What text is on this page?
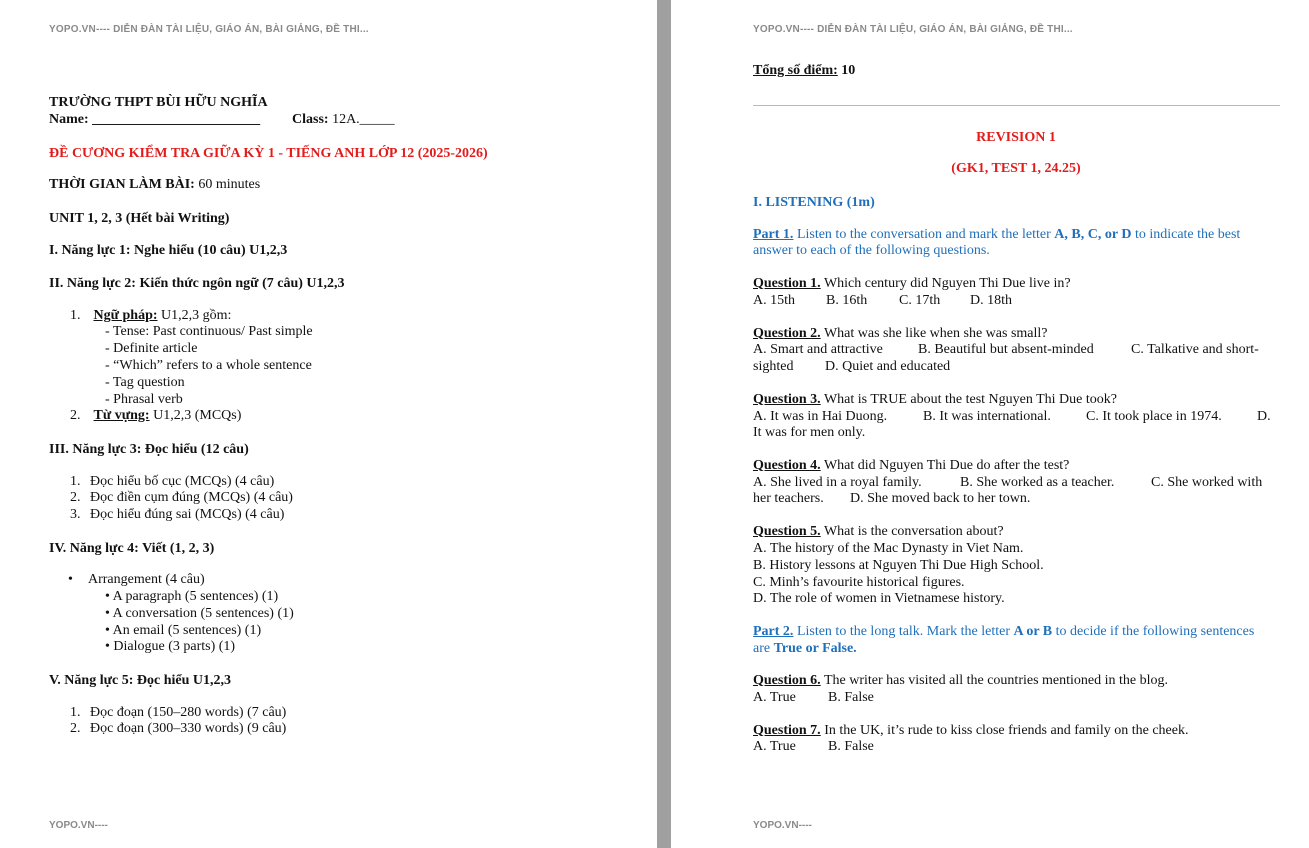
YOPO.VN---- DIỄN ĐÀN TÀI LIỆU, GIÁO ÁN, BÀI GIẢNG, ĐỀ THI...
TRƯỜNG THPT BÙI HỮU NGHĨA
Name: ________________________ Class: 12A._____
ĐỀ CƯƠNG KIỂM TRA GIỮA KỲ 1 - TIẾNG ANH LỚP 12 (2025-2026)
THỜI GIAN LÀM BÀI: 60 minutes
UNIT 1, 2, 3 (Hết bài Writing)
I. Năng lực 1: Nghe hiểu (10 câu) U1,2,3
II. Năng lực 2: Kiến thức ngôn ngữ (7 câu) U1,2,3
1. Ngữ pháp: U1,2,3 gồm:
- Tense: Past continuous/ Past simple
- Definite article
- “Which” refers to a whole sentence
- Tag question
- Phrasal verb
2. Từ vựng: U1,2,3 (MCQs)
III. Năng lực 3: Đọc hiểu (12 câu)
1. Đọc hiểu bố cục (MCQs) (4 câu)
2. Đọc điền cụm đúng (MCQs) (4 câu)
3. Đọc hiểu đúng sai (MCQs) (4 câu)
IV. Năng lực 4: Viết (1, 2, 3)
• Arrangement (4 câu)
• A paragraph (5 sentences) (1)
• A conversation (5 sentences) (1)
• An email (5 sentences) (1)
• Dialogue (3 parts) (1)
V. Năng lực 5: Đọc hiểu U1,2,3
1. Đọc đoạn (150–280 words) (7 câu)
2. Đọc đoạn (300–330 words) (9 câu)
YOPO.VN----
YOPO.VN---- DIỄN ĐÀN TÀI LIỆU, GIÁO ÁN, BÀI GIẢNG, ĐỀ THI...
Tổng số điểm: 10
REVISION 1
(GK1, TEST 1, 24.25)
I. LISTENING (1m)
Part 1. Listen to the conversation and mark the letter A, B, C, or D to indicate the best
answer to each of the following questions.
Question 1. Which century did Nguyen Thi Due live in?
A. 15th B. 16th C. 17th D. 18th
Question 2. What was she like when she was small?
A. Smart and attractive	B. Beautiful but absent-minded	C. Talkative and short-
sighted D. Quiet and educated
Question 3. What is TRUE about the test Nguyen Thi Due took?
A. It was in Hai Duong.	B. It was international.	C. It took place in 1974.	D.
It was for men only.
Question 4. What did Nguyen Thi Due do after the test?
A. She lived in a royal family.	B. She worked as a teacher.	C. She worked with
her teachers. D. She moved back to her town.
Question 5. What is the conversation about?
A. The history of the Mac Dynasty in Viet Nam.
B. History lessons at Nguyen Thi Due High School.
C. Minh’s favourite historical figures.
D. The role of women in Vietnamese history.
Part 2. Listen to the long talk. Mark the letter A or B to decide if the following sentences
are True or False.
Question 6. The writer has visited all the countries mentioned in the blog.
A. True B. False
Question 7. In the UK, it’s rude to kiss close friends and family on the cheek.
A. True B. False
YOPO.VN----
